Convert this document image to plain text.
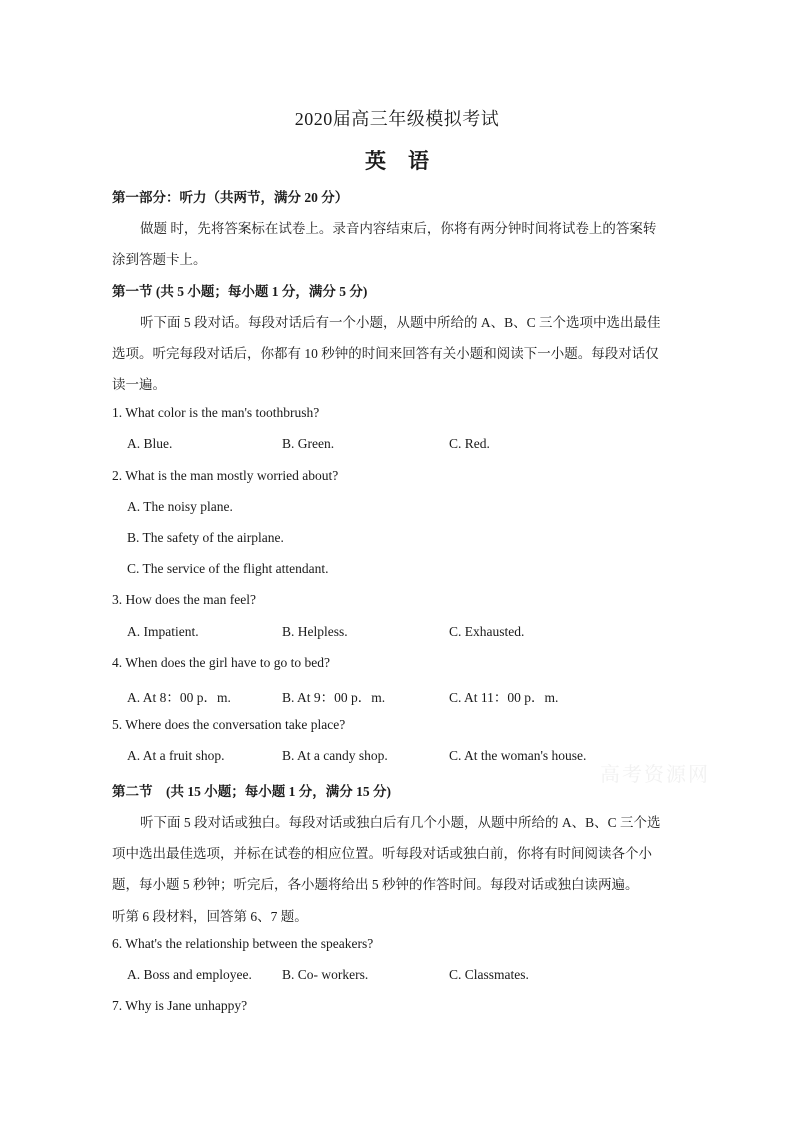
2020届高三年级模拟考试
英语
第一部分：听力（共两节，满分 20 分）
做题 时，先将答案标在试卷上。录音内容结束后，你将有两分钟时间将试卷上的答案转
涂到答题卡上。
第一节 (共 5 小题；每小题 1 分，满分 5 分)
听下面 5 段对话。每段对话后有一个小题，从题中所给的 A、B、C 三个选项中选出最佳
选项。听完每段对话后，你都有 10 秒钟的时间来回答有关小题和阅读下一小题。每段对话仅
读一遍。
1. What color is the man's toothbrush?
A. Blue.	B. Green.	C. Red.
2. What is the man mostly worried about?
A. The noisy plane.
B. The safety of the airplane.
C. The service of the flight attendant.
3. How does the man feel?
A. Impatient.	B. Helpless.	C. Exhausted.
4. When does the girl have to go to bed?
A. At 8：00 p．m.	B. At 9：00 p．m.	C. At 11：00 p．m.
5. Where does the conversation take place?
A. At a fruit shop.	B. At a candy shop.	C. At the woman's house.
高考资源网
第二节　(共 15 小题；每小题 1 分，满分 15 分)
听下面 5 段对话或独白。每段对话或独白后有几个小题，从题中所给的 A、B、C 三个选
项中选出最佳选项，并标在试卷的相应位置。听每段对话或独白前，你将有时间阅读各个小
题，每小题 5 秒钟；听完后，各小题将给出 5 秒钟的作答时间。每段对话或独白读两遍。
听第 6 段材料，回答第 6、7 题。
6. What's the relationship between the speakers?
A. Boss and employee. B. Co- workers.	C. Classmates.
7. Why is Jane unhappy?
